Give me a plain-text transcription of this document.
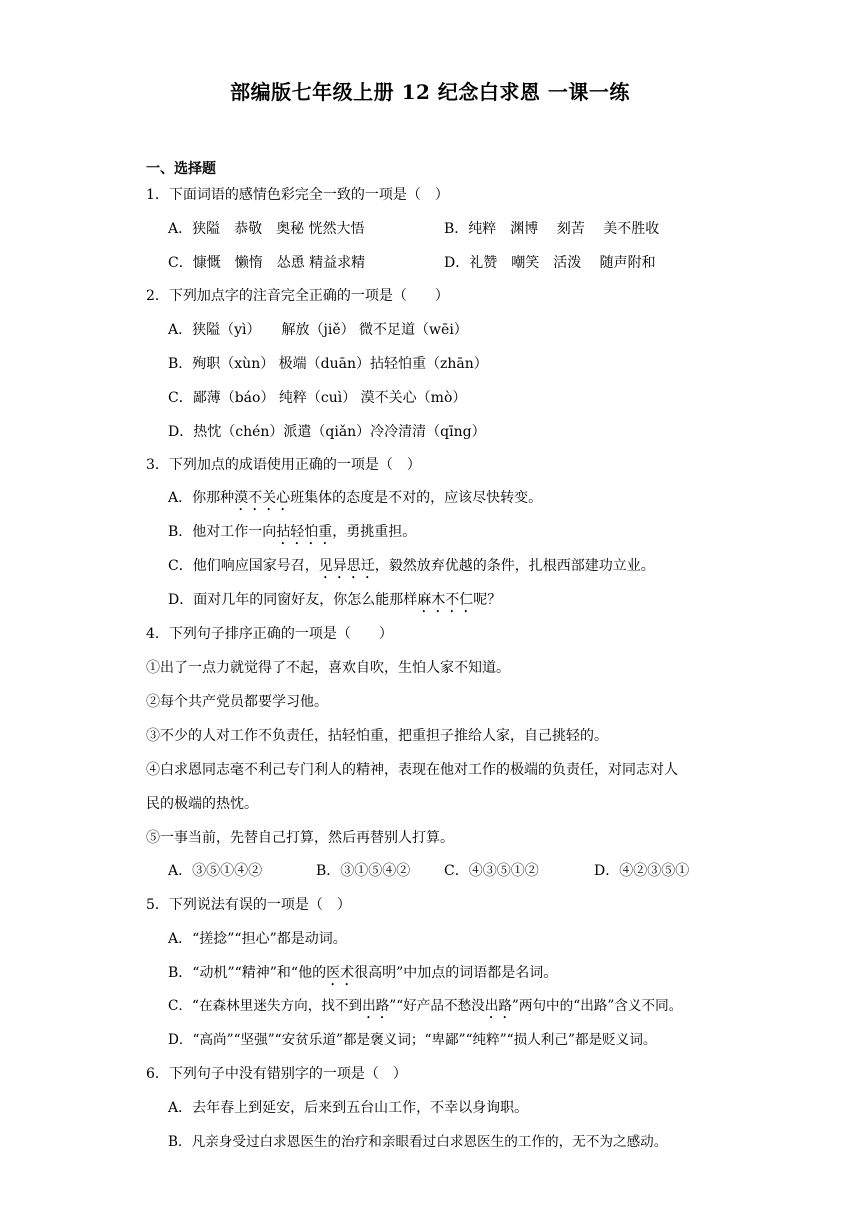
部编版七年级上册 12 纪念白求恩 一课一练
一、选择题
1．下面词语的感情色彩完全一致的一项是（　）
A．狭隘　恭敬　奥秘 恍然大悟	B．纯粹　渊博　 刻苦　 美不胜收
C．慷慨　懒惰　怂恿 精益求精	D．礼赞　嘲笑　活泼　 随声附和
2．下列加点字的注音完全正确的一项是（　　）
A．狭隘（yì）　　解放（jiě） 微不足道（wēi）
B．殉职（xùn） 极端（duān）拈轻怕重（zhān）
C．鄙薄（báo） 纯粹（cuì） 漠不关心（mò）
D．热忱（chén）派遣（qiǎn）冷冷清清（qīng）
3．下列加点的成语使用正确的一项是（　）
A．你那种漠不关心班集体的态度是不对的，应该尽快转变。
B．他对工作一向拈轻怕重，勇挑重担。
C．他们响应国家号召，见异思迁，毅然放弃优越的条件，扎根西部建功立业。
D．面对几年的同窗好友，你怎么能那样麻木不仁呢？
4．下列句子排序正确的一项是（　　）
①出了一点力就觉得了不起，喜欢自吹，生怕人家不知道。
②每个共产党员都要学习他。
③不少的人对工作不负责任，拈轻怕重，把重担子推给人家，自己挑轻的。
④白求恩同志毫不利己专门利人的精神，表现在他对工作的极端的负责任，对同志对人
民的极端的热忱。
⑤一事当前，先替自己打算，然后再替别人打算。
A．③⑤①④②	B．③①⑤④② C．④③⑤①②	D．④②③⑤①
5．下列说法有误的一项是（　）
A．“搓捻”“担心”都是动词。
B．“动机”“精神”和“他的医术很高明”中加点的词语都是名词。
C．“在森林里迷失方向，找不到出路”“好产品不愁没出路”两句中的“出路”含义不同。
D．“高尚”“坚强”“安贫乐道”都是褒义词；“卑鄙”“纯粹”“损人利己”都是贬义词。
6．下列句子中没有错别字的一项是（　）
A．去年春上到延安，后来到五台山工作，不幸以身询职。
B．凡亲身受过白求恩医生的治疗和亲眼看过白求恩医生的工作的，无不为之感动。
